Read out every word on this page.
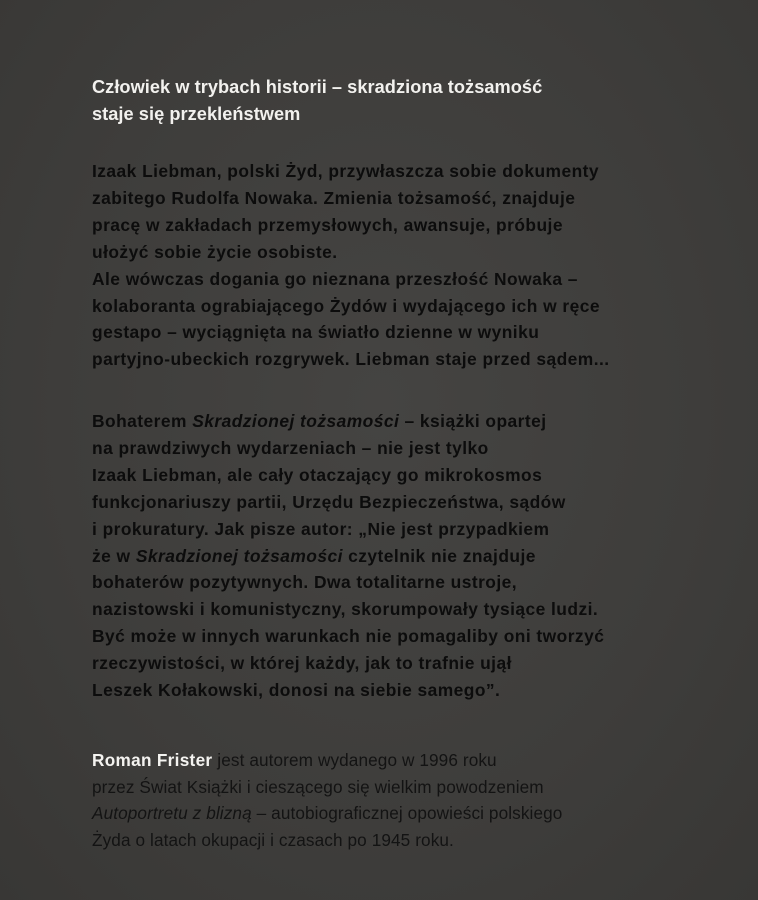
Człowiek w trybach historii – skradziona tożsamość
staje się przekleństwem

Izaak Liebman, polski Żyd, przywłaszcza sobie dokumenty
zabitego Rudolfa Nowaka. Zmienia tożsamość, znajduje
pracę w zakładach przemysłowych, awansuje, próbuje
ułożyć sobie życie osobiste.
Ale wówczas dogania go nieznana przeszłość Nowaka –
kolaboranta ograbiającego Żydów i wydającego ich w ręce
gestapo – wyciągnięta na światło dzienne w wyniku
partyjno-ubeckich rozgrywek. Liebman staje przed sądem...

Bohaterem Skradzionej tożsamości – książki opartej
na prawdziwych wydarzeniach – nie jest tylko
Izaak Liebman, ale cały otaczający go mikrokosmos
funkcjonariuszy partii, Urzędu Bezpieczeństwa, sądów
i prokuratury. Jak pisze autor: „Nie jest przypadkiem
że w Skradzionej tożsamości czytelnik nie znajduje
bohaterów pozytywnych. Dwa totalitarne ustroje,
nazistowski i komunistyczny, skorumpowały tysiące ludzi.
Być może w innych warunkach nie pomagaliby oni tworzyć
rzeczywistości, w której każdy, jak to trafnie ujął
Leszek Kołakowski, donosi na siebie samego”.

Roman Frister jest autorem wydanego w 1996 roku
przez Świat Książki i cieszącego się wielkim powodzeniem
Autoportretu z blizną – autobiograficznej opowieści polskiego
Żyda o latach okupacji i czasach po 1945 roku.
